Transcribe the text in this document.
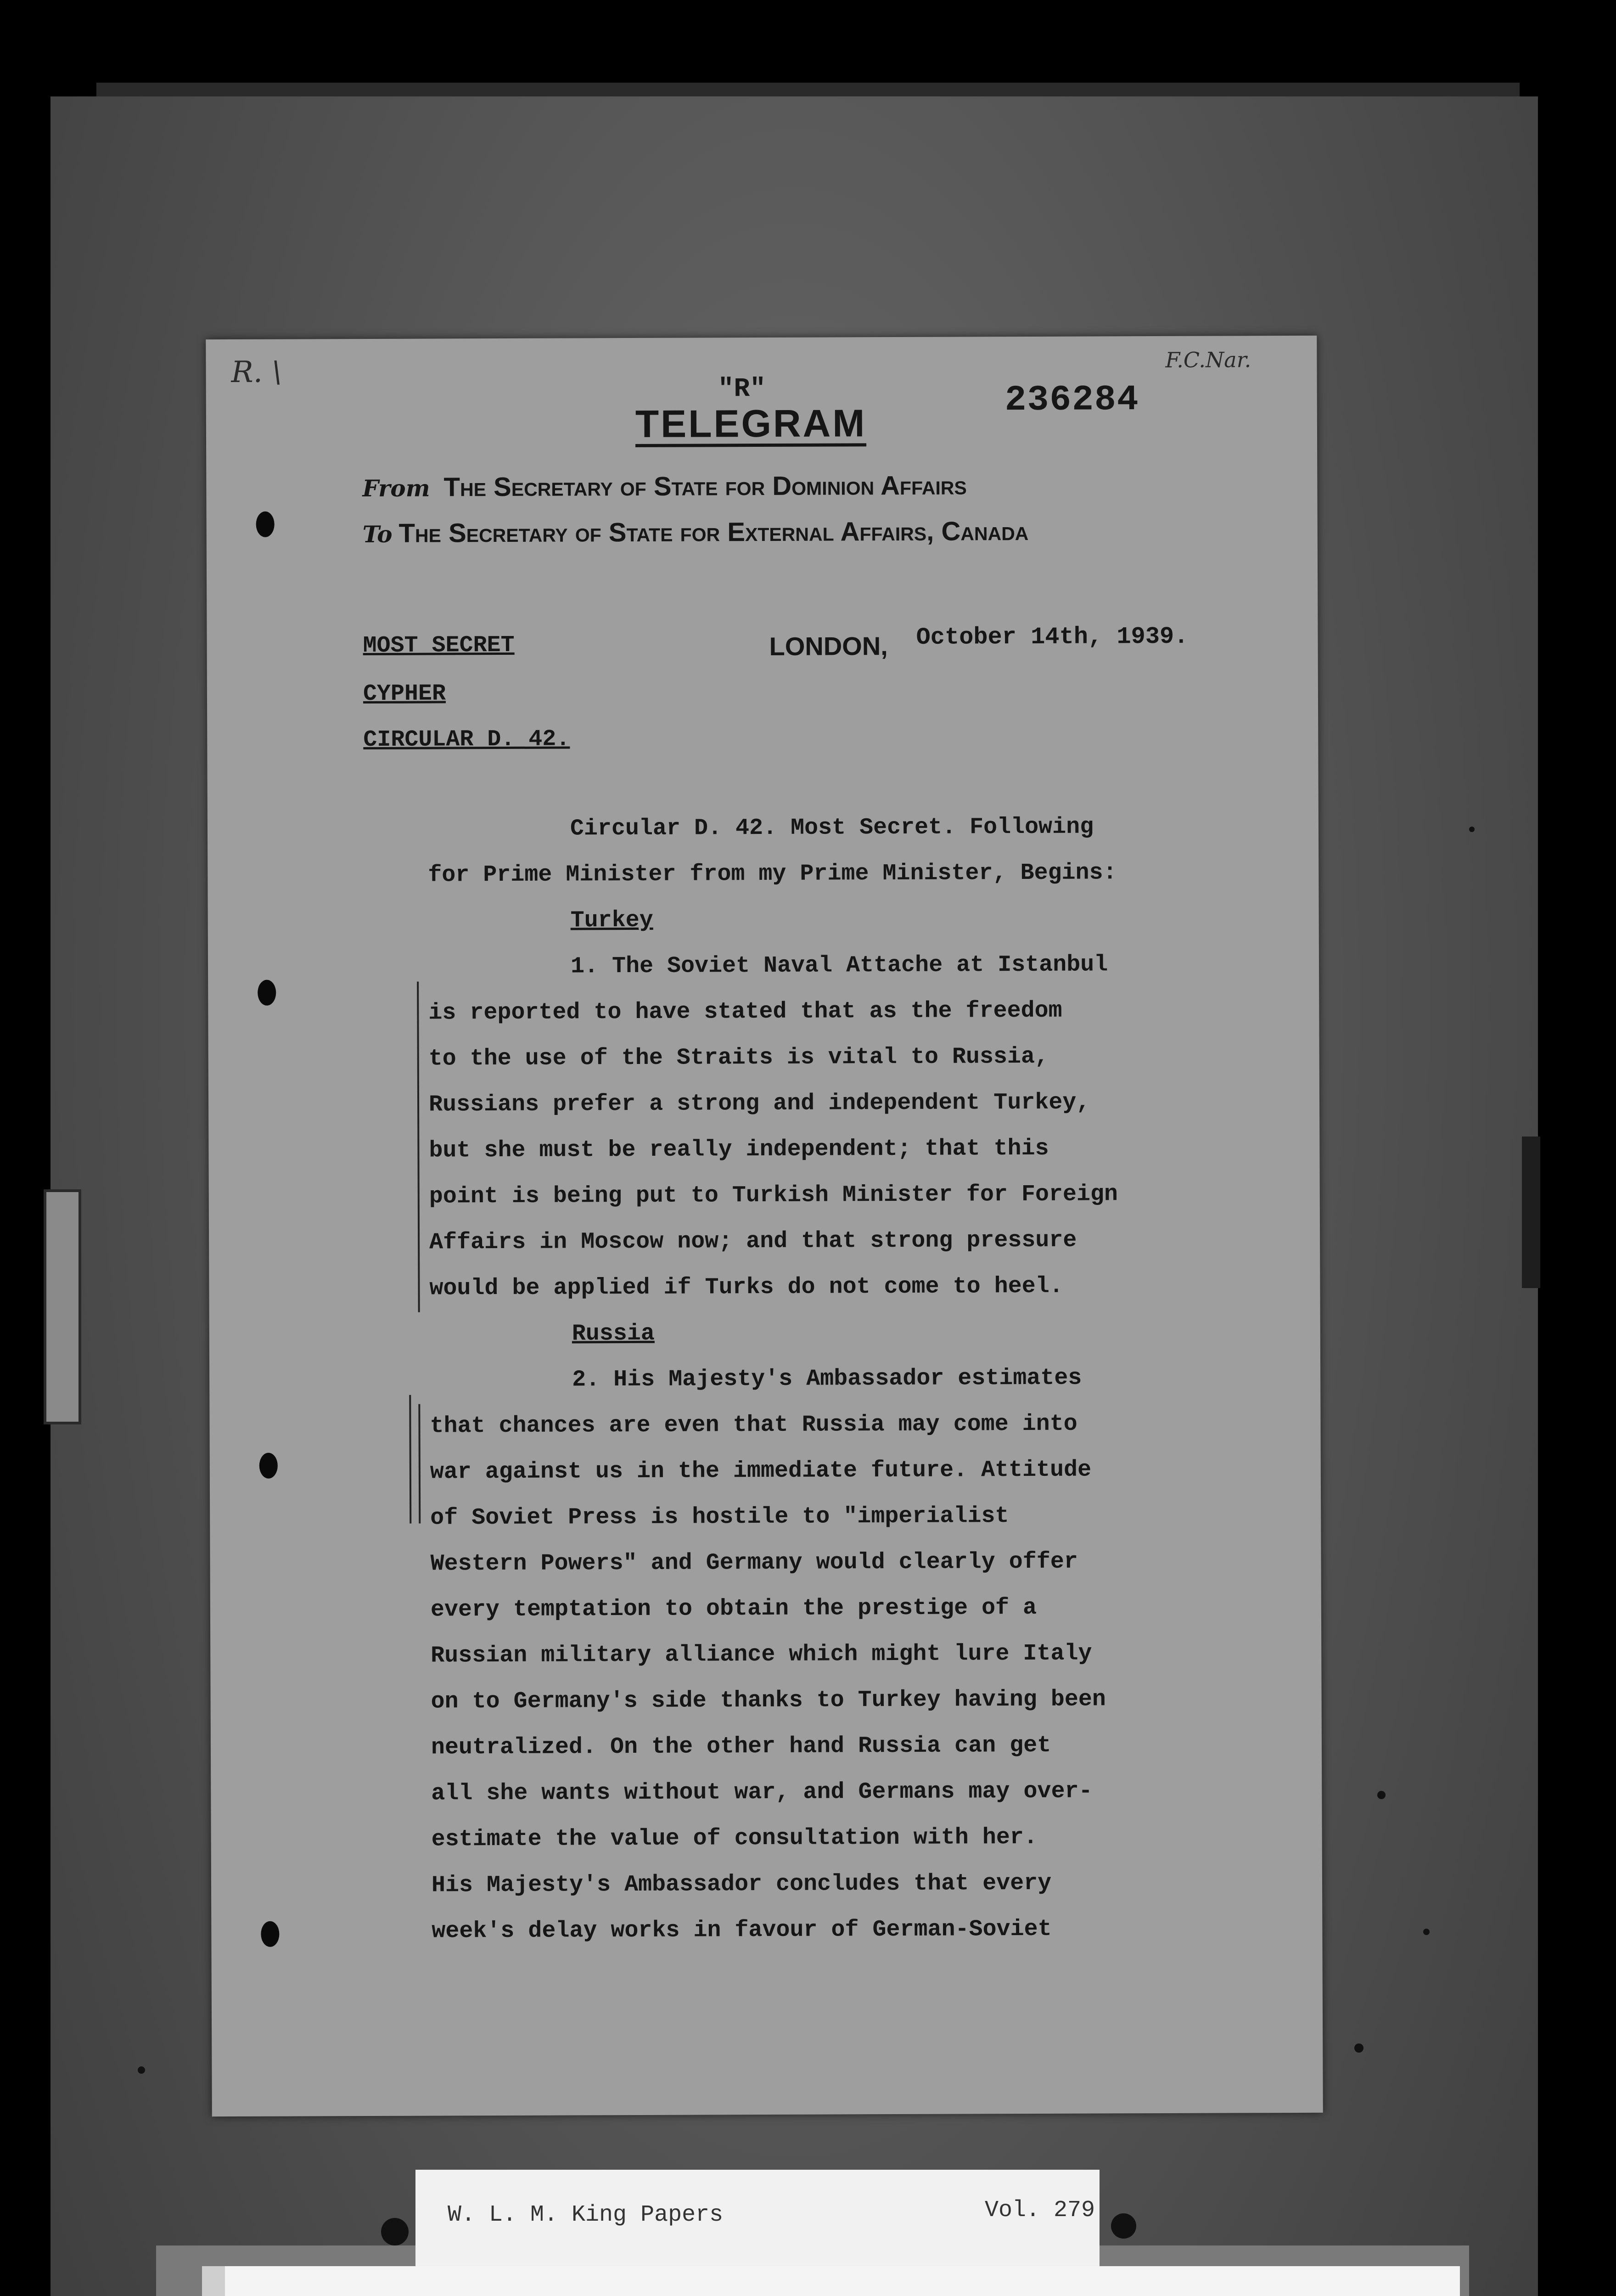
R. \	F.C.Nar.
"R"
TELEGRAM
236284
From The Secretary of State for Dominion Affairs
To The Secretary of State for External Affairs, Canada
MOST SECRET
CYPHER
CIRCULAR D. 42.
LONDON, October 14th, 1939.
Circular D. 42. Most Secret. Following
for Prime Minister from my Prime Minister, Begins:
Turkey
1. The Soviet Naval Attache at Istanbul
is reported to have stated that as the freedom
to the use of the Straits is vital to Russia,
Russians prefer a strong and independent Turkey,
but she must be really independent; that this
point is being put to Turkish Minister for Foreign
Affairs in Moscow now; and that strong pressure
would be applied if Turks do not come to heel.
Russia
2. His Majesty's Ambassador estimates
that chances are even that Russia may come into
war against us in the immediate future. Attitude
of Soviet Press is hostile to "imperialist
Western Powers" and Germany would clearly offer
every temptation to obtain the prestige of a
Russian military alliance which might lure Italy
on to Germany's side thanks to Turkey having been
neutralized. On the other hand Russia can get
all she wants without war, and Germans may over-
estimate the value of consultation with her.
His Majesty's Ambassador concludes that every
week's delay works in favour of German-Soviet
W. L. M. King Papers	Vol. 279
